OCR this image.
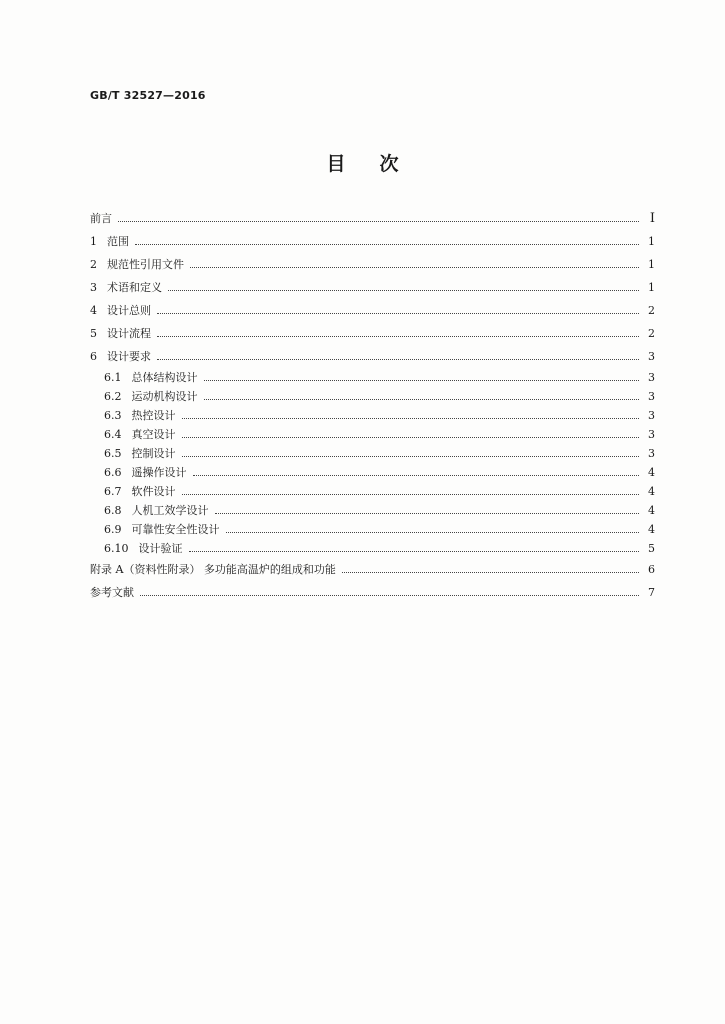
GB/T 32527—2016
目次
前言	Ⅰ
1 范围	1
2 规范性引用文件	1
3 术语和定义	1
4 设计总则	2
5 设计流程	2
6 设计要求	3
6.1 总体结构设计	3
6.2 运动机构设计	3
6.3 热控设计	3
6.4 真空设计	3
6.5 控制设计	3
6.6 遥操作设计	4
6.7 软件设计	4
6.8 人机工效学设计	4
6.9 可靠性安全性设计	4
6.10 设计验证	5
附录 A（资料性附录） 多功能高温炉的组成和功能	6
参考文献	7
